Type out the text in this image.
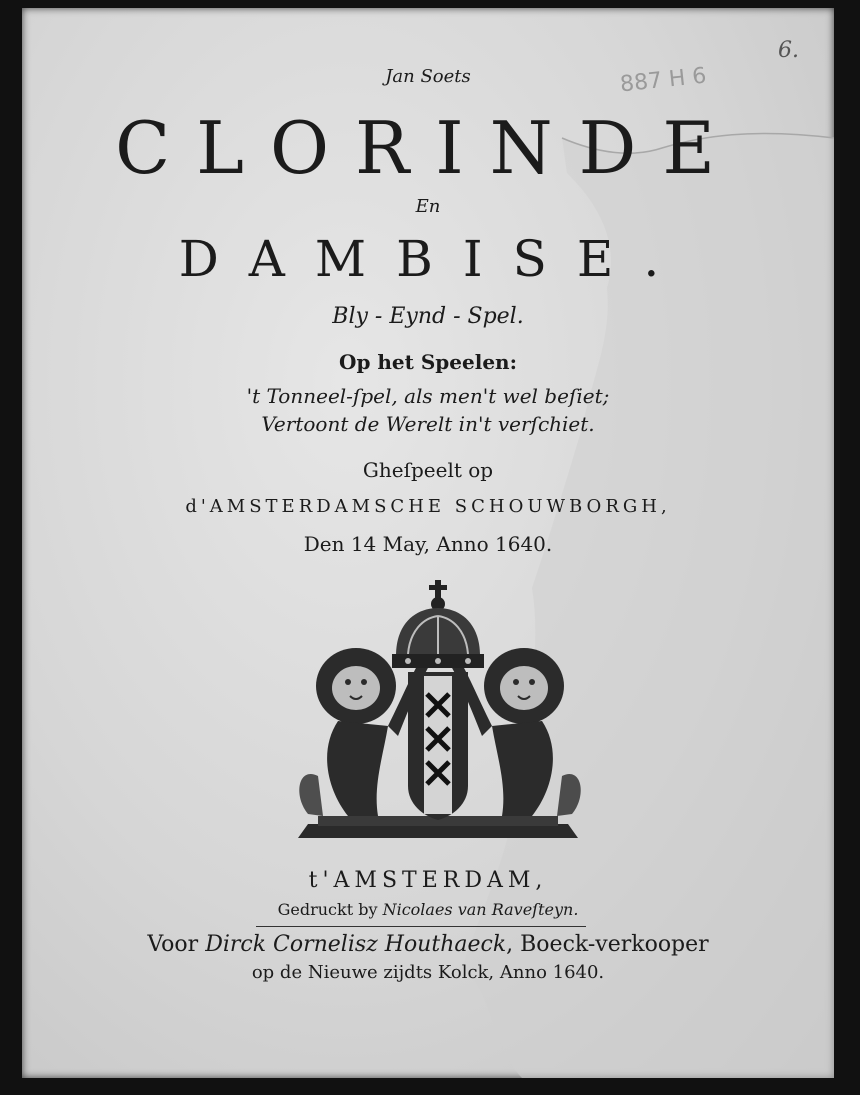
6.
887 H 6
Jan Soets
CLORINDE
En
DAMBISE.
Bly - Eynd - Spel.
Op het Speelen:
't Tonneel-ſpel, als men't wel beſiet;
Vertoont de Werelt in't verſchiet.
Gheſpeelt op
d'AMSTERDAMSCHE SCHOUWBORGH,
Den 14 May, Anno 1640.
t'AMSTERDAM,
Gedruckt by Nicolaes van Raveſteyn.
Voor Dirck Cornelisz Houthaeck, Boeck-verkooper
op de Nieuwe zijdts Kolck, Anno 1640.
